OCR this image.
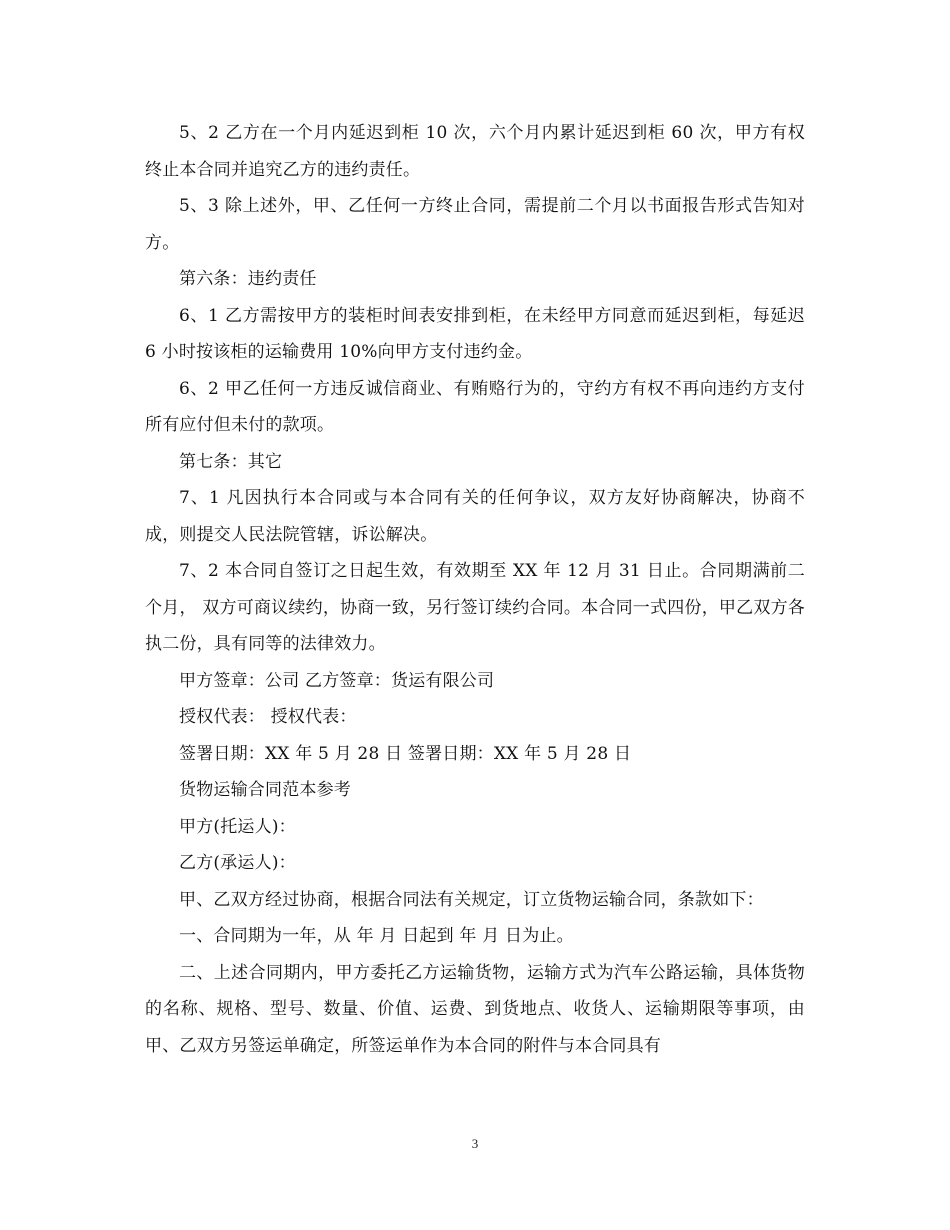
5、2 乙方在一个月内延迟到柜 10 次，六个月内累计延迟到柜 60 次，甲方有权终止本合同并追究乙方的违约责任。

5、3 除上述外，甲、乙任何一方终止合同，需提前二个月以书面报告形式告知对方。

第六条：违约责任

6、1 乙方需按甲方的装柜时间表安排到柜，在未经甲方同意而延迟到柜，每延迟 6 小时按该柜的运输费用 10%向甲方支付违约金。

6、2 甲乙任何一方违反诚信商业、有贿赂行为的，守约方有权不再向违约方支付所有应付但未付的款项。

第七条：其它

7、1 凡因执行本合同或与本合同有关的任何争议，双方友好协商解决，协商不成，则提交人民法院管辖，诉讼解决。

7、2 本合同自签订之日起生效，有效期至 XX 年 12 月 31 日止。合同期满前二个月， 双方可商议续约，协商一致，另行签订续约合同。本合同一式四份，甲乙双方各执二份，具有同等的法律效力。

甲方签章：公司 乙方签章：货运有限公司

授权代表： 授权代表：

签署日期：XX 年 5 月 28 日 签署日期：XX 年 5 月 28 日

货物运输合同范本参考

甲方(托运人)：

乙方(承运人)：

甲、乙双方经过协商，根据合同法有关规定，订立货物运输合同，条款如下：

一、合同期为一年，从 年 月 日起到 年 月 日为止。

二、上述合同期内，甲方委托乙方运输货物，运输方式为汽车公路运输，具体货物的名称、规格、型号、数量、价值、运费、到货地点、收货人、运输期限等事项，由甲、乙双方另签运单确定，所签运单作为本合同的附件与本合同具有

3
